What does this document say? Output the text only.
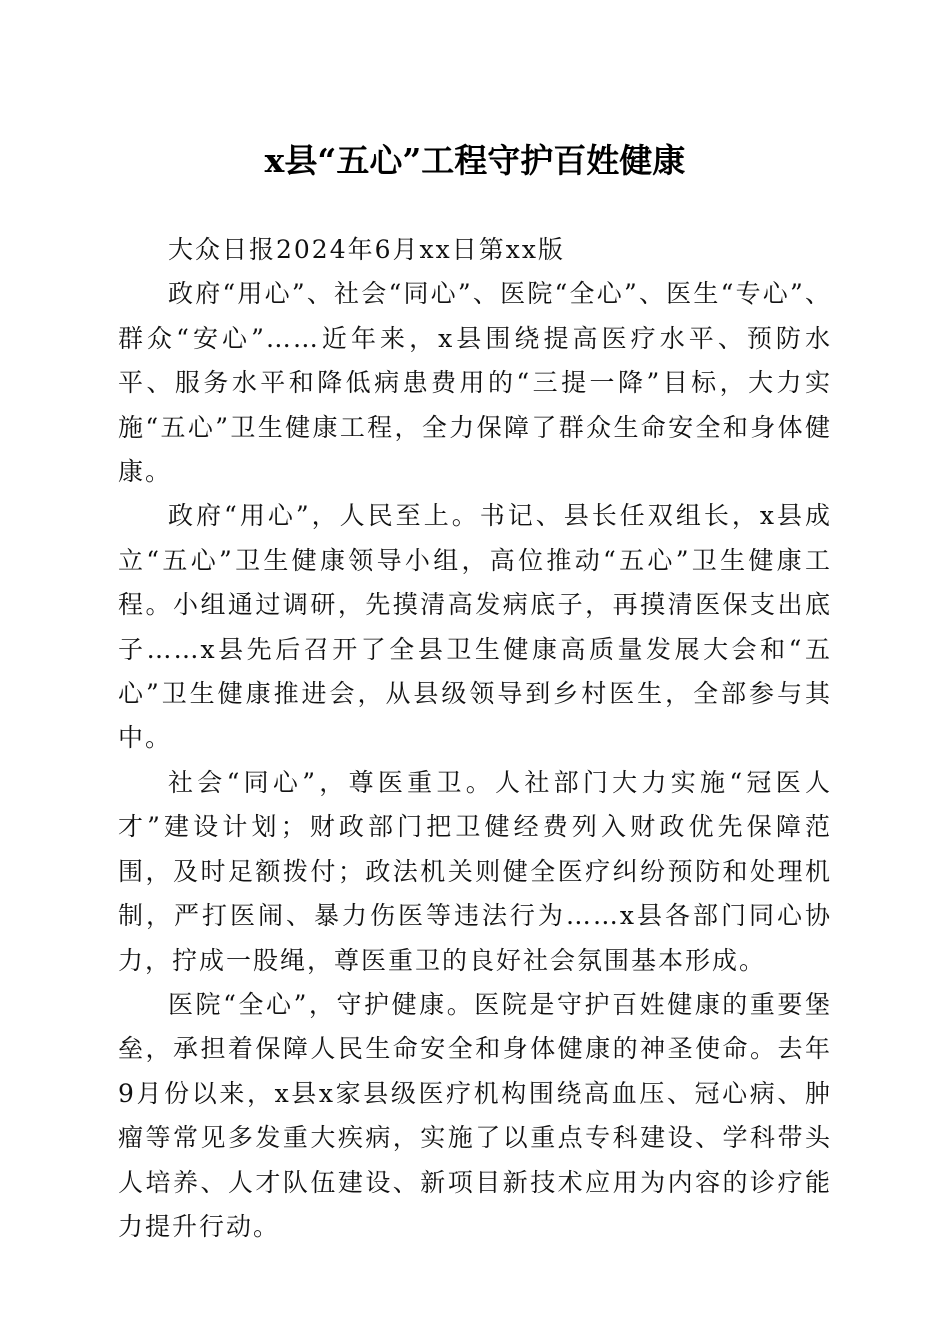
x县“五心”工程守护百姓健康

大众日报2024年6月xx日第xx版

政府“用心”、社会“同心”、医院“全心”、医生“专心”、群众“安心”……近年来，x县围绕提高医疗水平、预防水平、服务水平和降低病患费用的“三提一降”目标，大力实施“五心”卫生健康工程，全力保障了群众生命安全和身体健康。

政府“用心”，人民至上。书记、县长任双组长，x县成立“五心”卫生健康领导小组，高位推动“五心”卫生健康工程。小组通过调研，先摸清高发病底子，再摸清医保支出底子……x县先后召开了全县卫生健康高质量发展大会和“五心”卫生健康推进会，从县级领导到乡村医生，全部参与其中。

社会“同心”，尊医重卫。人社部门大力实施“冠医人才”建设计划；财政部门把卫健经费列入财政优先保障范围，及时足额拨付；政法机关则健全医疗纠纷预防和处理机制，严打医闹、暴力伤医等违法行为……x县各部门同心协力，拧成一股绳，尊医重卫的良好社会氛围基本形成。

医院“全心”，守护健康。医院是守护百姓健康的重要堡垒，承担着保障人民生命安全和身体健康的神圣使命。去年9月份以来，x县x家县级医疗机构围绕高血压、冠心病、肿瘤等常见多发重大疾病，实施了以重点专科建设、学科带头人培养、人才队伍建设、新项目新技术应用为内容的诊疗能力提升行动。
